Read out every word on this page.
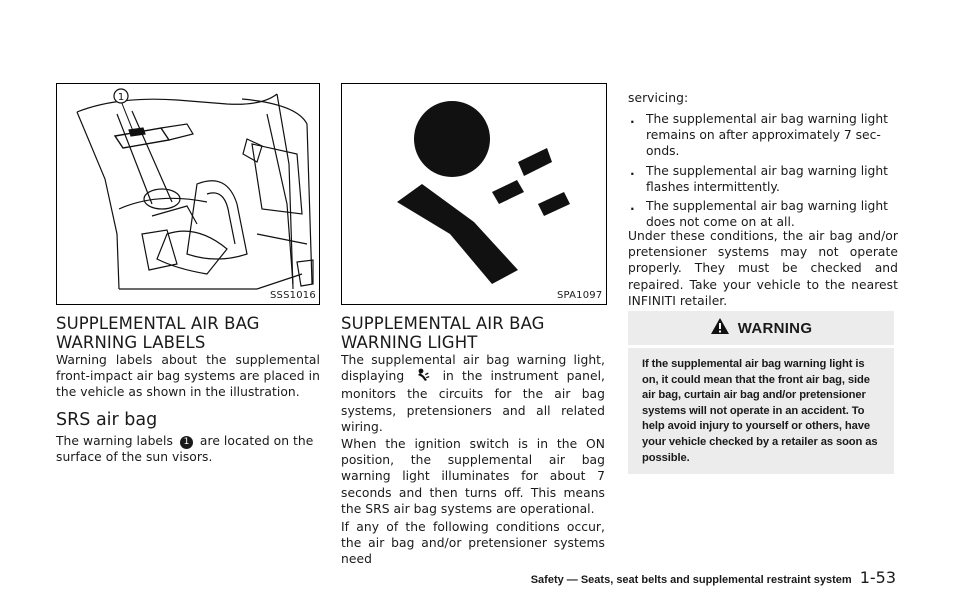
1
SSS1016
SUPPLEMENTAL AIR BAG WARNING LABELS

Warning labels about the supplemental front-impact air bag systems are placed in the vehicle as shown in the illustration.

SRS air bag

The warning labels 1 are located on the surface of the sun visors.

SPA1097
SUPPLEMENTAL AIR BAG WARNING LIGHT

The supplemental air bag warning light, displaying	in the instrument panel, monitors the circuits for the air bag systems, pretensioners and all related wiring.

When the ignition switch is in the ON position, the supplemental air bag warning light illuminates for about 7 seconds and then turns off. This means the SRS air bag systems are operational.

If any of the following conditions occur, the air bag and/or pretensioner systems need

servicing:

. The supplemental air bag warning light remains on after approximately 7 sec-onds.
. The supplemental air bag warning light flashes intermittently.
. The supplemental air bag warning light does not come on at all.

Under these conditions, the air bag and/or pretensioner systems may not operate properly. They must be checked and repaired. Take your vehicle to the nearest INFINITI retailer.

WARNING

If the supplemental air bag warning light is on, it could mean that the front air bag, side air bag, curtain air bag and/or pretensioner systems will not operate in an accident. To help avoid injury to yourself or others, have your vehicle checked by a retailer as soon as possible.

Safety — Seats, seat belts and supplemental restraint system 1-53
